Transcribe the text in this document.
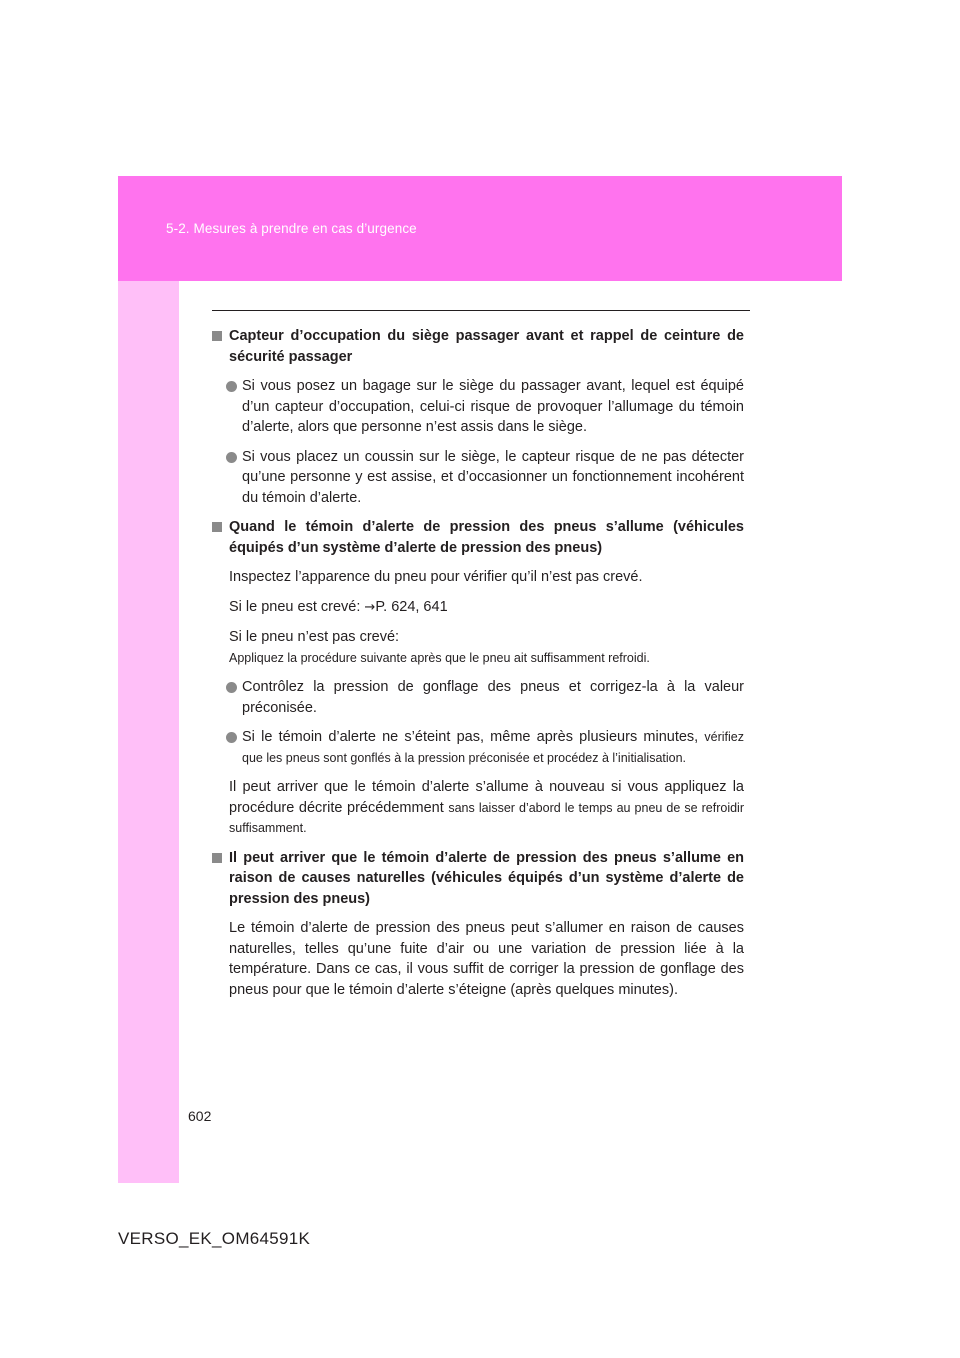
5-2. Mesures à prendre en cas d’urgence
Capteur d’occupation du siège passager avant et rappel de ceinture de sécurité passager
Si vous posez un bagage sur le siège du passager avant, lequel est équipé d’un capteur d’occupation, celui-ci risque de provoquer l’allumage du témoin d’alerte, alors que personne n’est assis dans le siège.
Si vous placez un coussin sur le siège, le capteur risque de ne pas détecter qu’une personne y est assise, et d’occasionner un fonctionnement incohérent du témoin d’alerte.
Quand le témoin d’alerte de pression des pneus s’allume (véhicules équipés d’un système d’alerte de pression des pneus)
Inspectez l’apparence du pneu pour vérifier qu’il n’est pas crevé.
Si le pneu est crevé: →P. 624, 641
Si le pneu n’est pas crevé:
Appliquez la procédure suivante après que le pneu ait suffisamment refroidi.
Contrôlez la pression de gonflage des pneus et corrigez-la à la valeur préconisée.
Si le témoin d’alerte ne s’éteint pas, même après plusieurs minutes, vérifiez que les pneus sont gonflés à la pression préconisée et procédez à l’initialisation.
Il peut arriver que le témoin d’alerte s’allume à nouveau si vous appliquez la procédure décrite précédemment sans laisser d’abord le temps au pneu de se refroidir suffisamment.
Il peut arriver que le témoin d’alerte de pression des pneus s’allume en raison de causes naturelles (véhicules équipés d’un système d’alerte de pression des pneus)
Le témoin d’alerte de pression des pneus peut s’allumer en raison de causes naturelles, telles qu’une fuite d’air ou une variation de pression liée à la température. Dans ce cas, il vous suffit de corriger la pression de gonflage des pneus pour que le témoin d’alerte s’éteigne (après quelques minutes).
602
VERSO_EK_OM64591K
